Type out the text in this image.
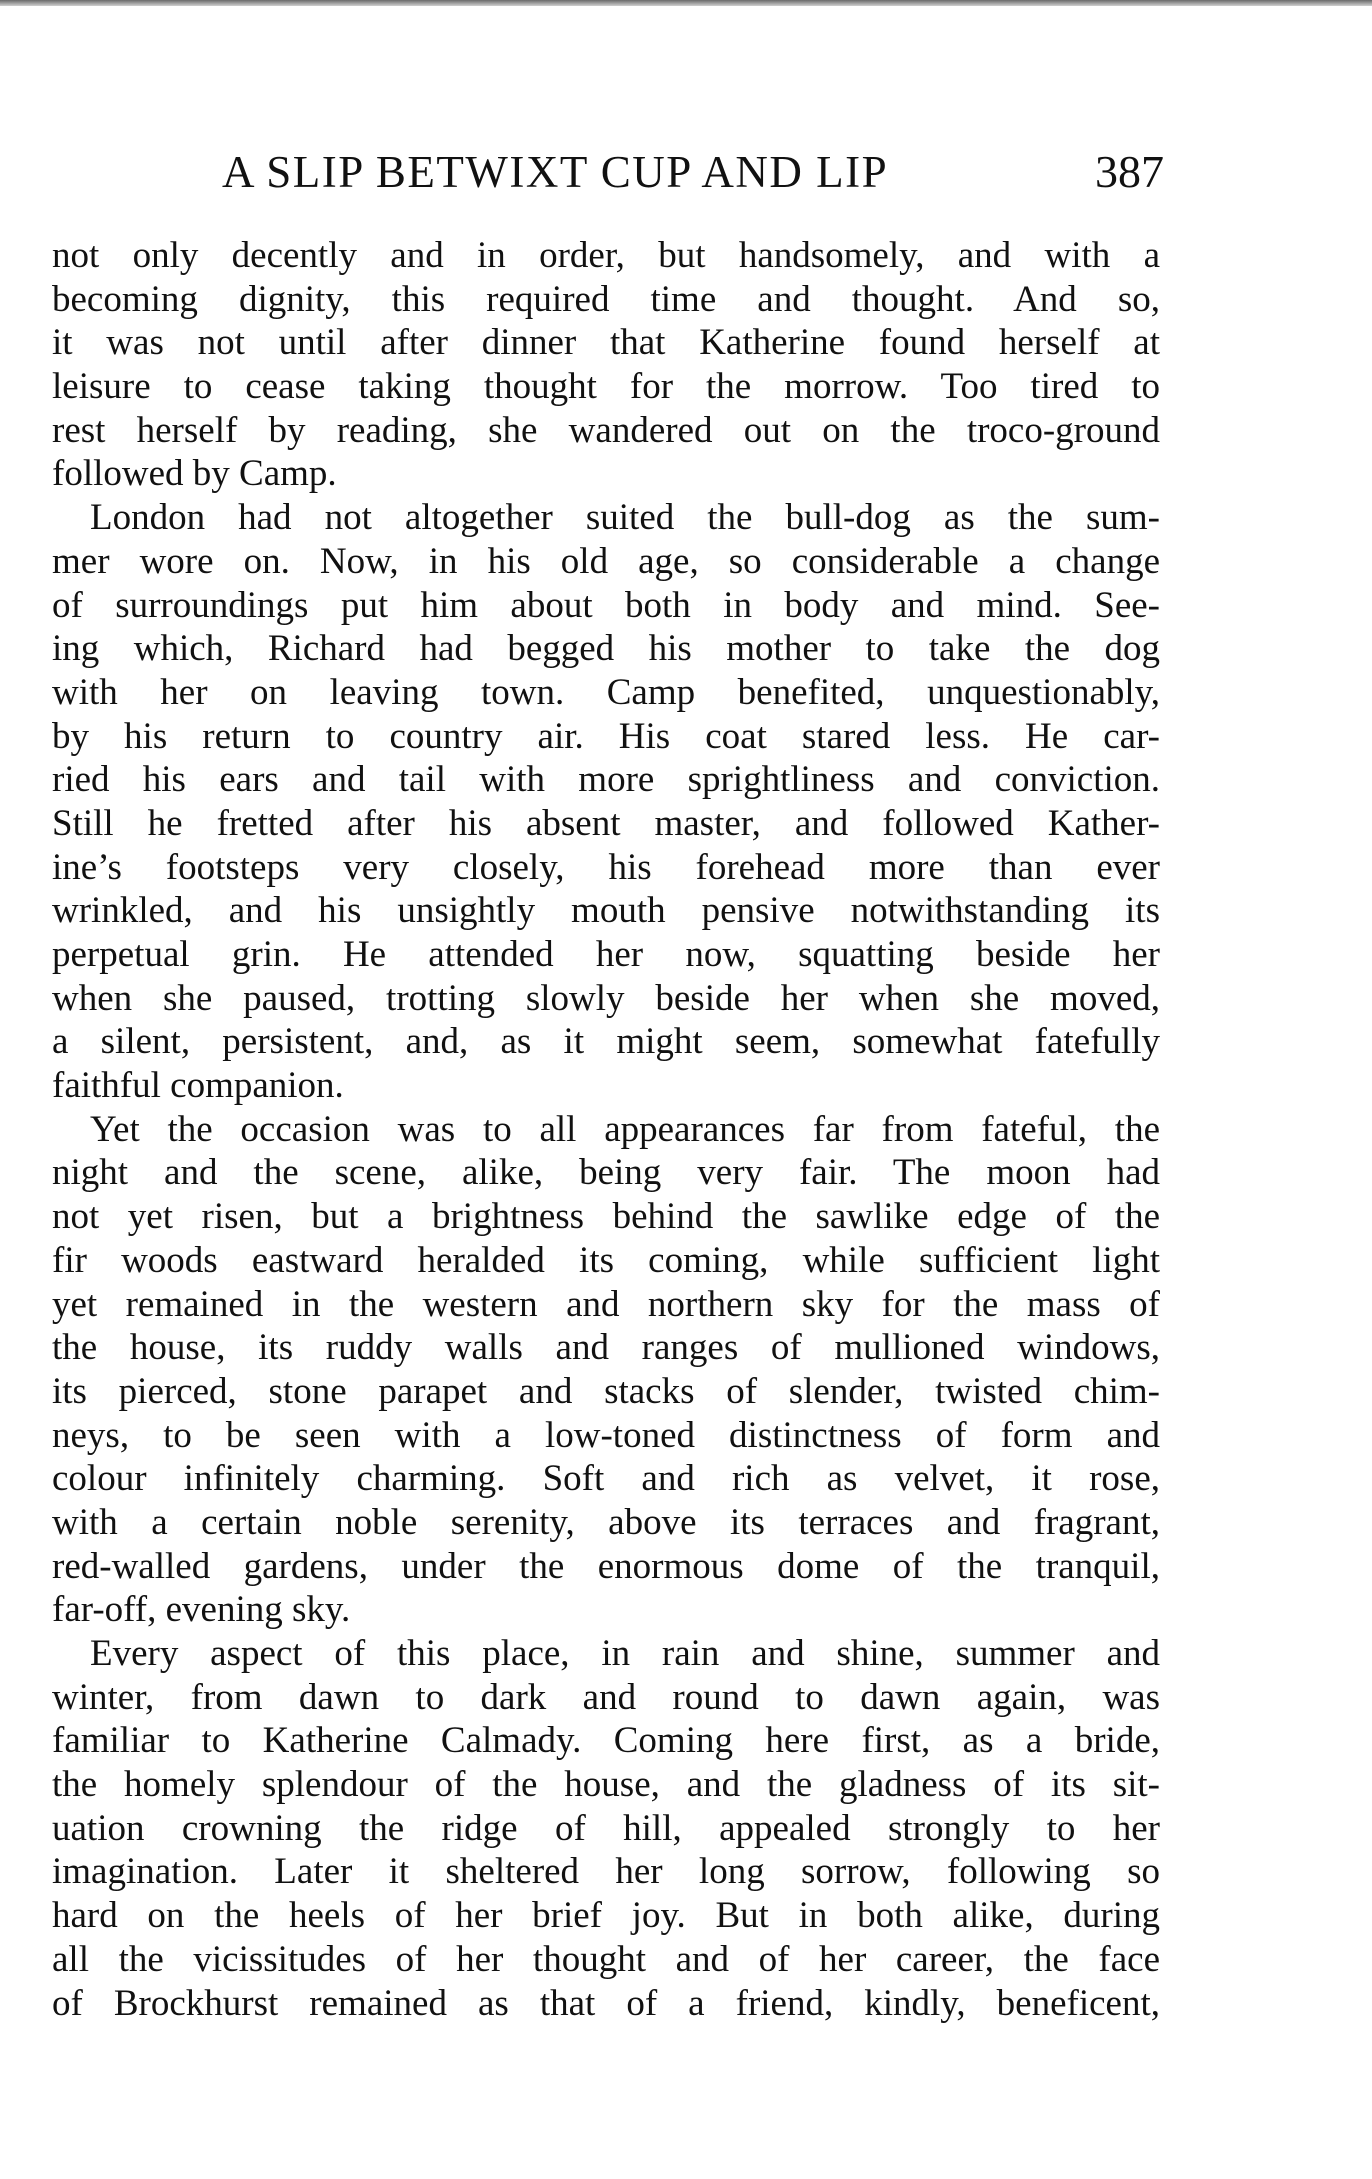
A SLIP BETWIXT CUP AND LIP	387
not only decently and in order, but handsomely, and with a
becoming dignity, this required time and thought. And so,
it was not until after dinner that Katherine found herself at
leisure to cease taking thought for the morrow. Too tired to
rest herself by reading, she wandered out on the troco-ground
followed by Camp.
London had not altogether suited the bull-dog as the sum-
mer wore on. Now, in his old age, so considerable a change
of surroundings put him about both in body and mind. See-
ing which, Richard had begged his mother to take the dog
with her on leaving town. Camp benefited, unquestionably,
by his return to country air. His coat stared less. He car-
ried his ears and tail with more sprightliness and conviction.
Still he fretted after his absent master, and followed Kather-
ine’s footsteps very closely, his forehead more than ever
wrinkled, and his unsightly mouth pensive notwithstanding its
perpetual grin. He attended her now, squatting beside her
when she paused, trotting slowly beside her when she moved,
a silent, persistent, and, as it might seem, somewhat fatefully
faithful companion.
Yet the occasion was to all appearances far from fateful, the
night and the scene, alike, being very fair. The moon had
not yet risen, but a brightness behind the sawlike edge of the
fir woods eastward heralded its coming, while sufficient light
yet remained in the western and northern sky for the mass of
the house, its ruddy walls and ranges of mullioned windows,
its pierced, stone parapet and stacks of slender, twisted chim-
neys, to be seen with a low-toned distinctness of form and
colour infinitely charming. Soft and rich as velvet, it rose,
with a certain noble serenity, above its terraces and fragrant,
red-walled gardens, under the enormous dome of the tranquil,
far-off, evening sky.
Every aspect of this place, in rain and shine, summer and
winter, from dawn to dark and round to dawn again, was
familiar to Katherine Calmady. Coming here first, as a bride,
the homely splendour of the house, and the gladness of its sit-
uation crowning the ridge of hill, appealed strongly to her
imagination. Later it sheltered her long sorrow, following so
hard on the heels of her brief joy. But in both alike, during
all the vicissitudes of her thought and of her career, the face
of Brockhurst remained as that of a friend, kindly, beneficent,
